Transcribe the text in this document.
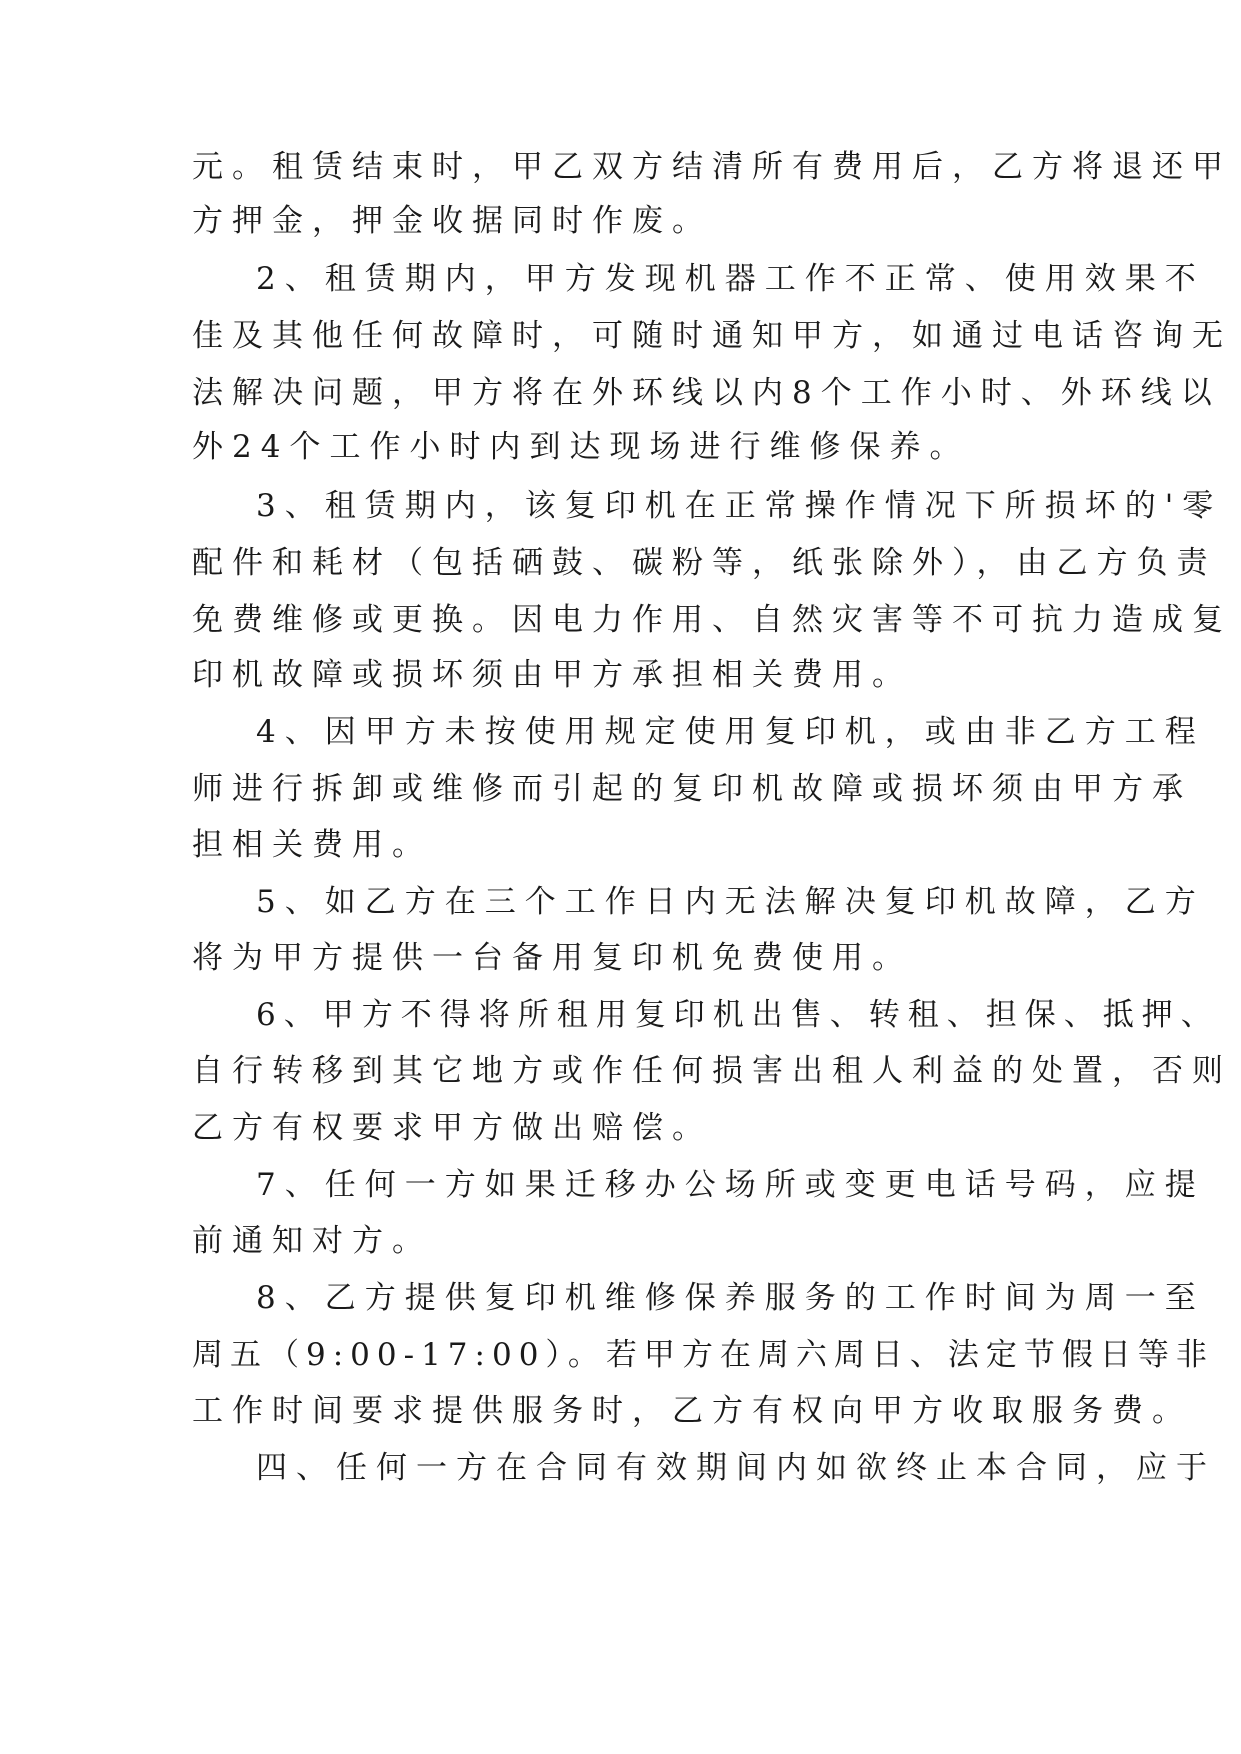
元。租赁结束时，甲乙双方结清所有费用后，乙方将退还甲
方押金，押金收据同时作废。
2、租赁期内，甲方发现机器工作不正常、使用效果不
佳及其他任何故障时，可随时通知甲方，如通过电话咨询无
法解决问题，甲方将在外环线以内8个工作小时、外环线以
外24个工作小时内到达现场进行维修保养。
3、租赁期内，该复印机在正常操作情况下所损坏的'零
配件和耗材（包括硒鼓、碳粉等，纸张除外），由乙方负责
免费维修或更换。因电力作用、自然灾害等不可抗力造成复
印机故障或损坏须由甲方承担相关费用。
4、因甲方未按使用规定使用复印机，或由非乙方工程
师进行拆卸或维修而引起的复印机故障或损坏须由甲方承
担相关费用。
5、如乙方在三个工作日内无法解决复印机故障，乙方
将为甲方提供一台备用复印机免费使用。
6、甲方不得将所租用复印机出售、转租、担保、抵押、
自行转移到其它地方或作任何损害出租人利益的处置，否则
乙方有权要求甲方做出赔偿。
7、任何一方如果迁移办公场所或变更电话号码，应提
前通知对方。
8、乙方提供复印机维修保养服务的工作时间为周一至
周五（9:00-17:00）。若甲方在周六周日、法定节假日等非
工作时间要求提供服务时，乙方有权向甲方收取服务费。
四、任何一方在合同有效期间内如欲终止本合同，应于
